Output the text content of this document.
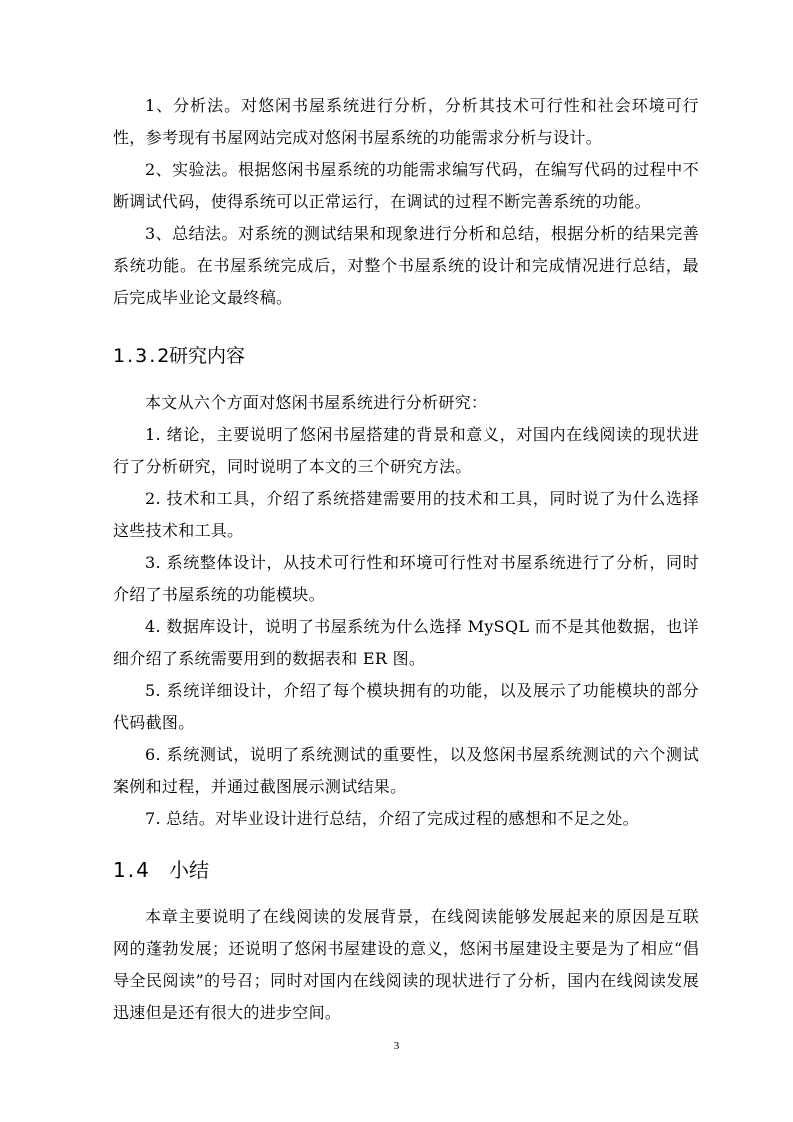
1、分析法。对悠闲书屋系统进行分析，分析其技术可行性和社会环境可行性，参考现有书屋网站完成对悠闲书屋系统的功能需求分析与设计。

2、实验法。根据悠闲书屋系统的功能需求编写代码，在编写代码的过程中不断调试代码，使得系统可以正常运行，在调试的过程不断完善系统的功能。

3、总结法。对系统的测试结果和现象进行分析和总结，根据分析的结果完善系统功能。在书屋系统完成后，对整个书屋系统的设计和完成情况进行总结，最后完成毕业论文最终稿。

1.3.2研究内容

本文从六个方面对悠闲书屋系统进行分析研究：

1. 绪论，主要说明了悠闲书屋搭建的背景和意义，对国内在线阅读的现状进行了分析研究，同时说明了本文的三个研究方法。

2. 技术和工具，介绍了系统搭建需要用的技术和工具，同时说了为什么选择这些技术和工具。

3. 系统整体设计，从技术可行性和环境可行性对书屋系统进行了分析，同时介绍了书屋系统的功能模块。

4. 数据库设计，说明了书屋系统为什么选择 MySQL 而不是其他数据，也详细介绍了系统需要用到的数据表和 ER 图。

5. 系统详细设计，介绍了每个模块拥有的功能，以及展示了功能模块的部分代码截图。

6. 系统测试，说明了系统测试的重要性，以及悠闲书屋系统测试的六个测试案例和过程，并通过截图展示测试结果。

7. 总结。对毕业设计进行总结，介绍了完成过程的感想和不足之处。

1.4 小结

本章主要说明了在线阅读的发展背景，在线阅读能够发展起来的原因是互联网的蓬勃发展；还说明了悠闲书屋建设的意义，悠闲书屋建设主要是为了相应“倡导全民阅读”的号召；同时对国内在线阅读的现状进行了分析，国内在线阅读发展迅速但是还有很大的进步空间。

3
